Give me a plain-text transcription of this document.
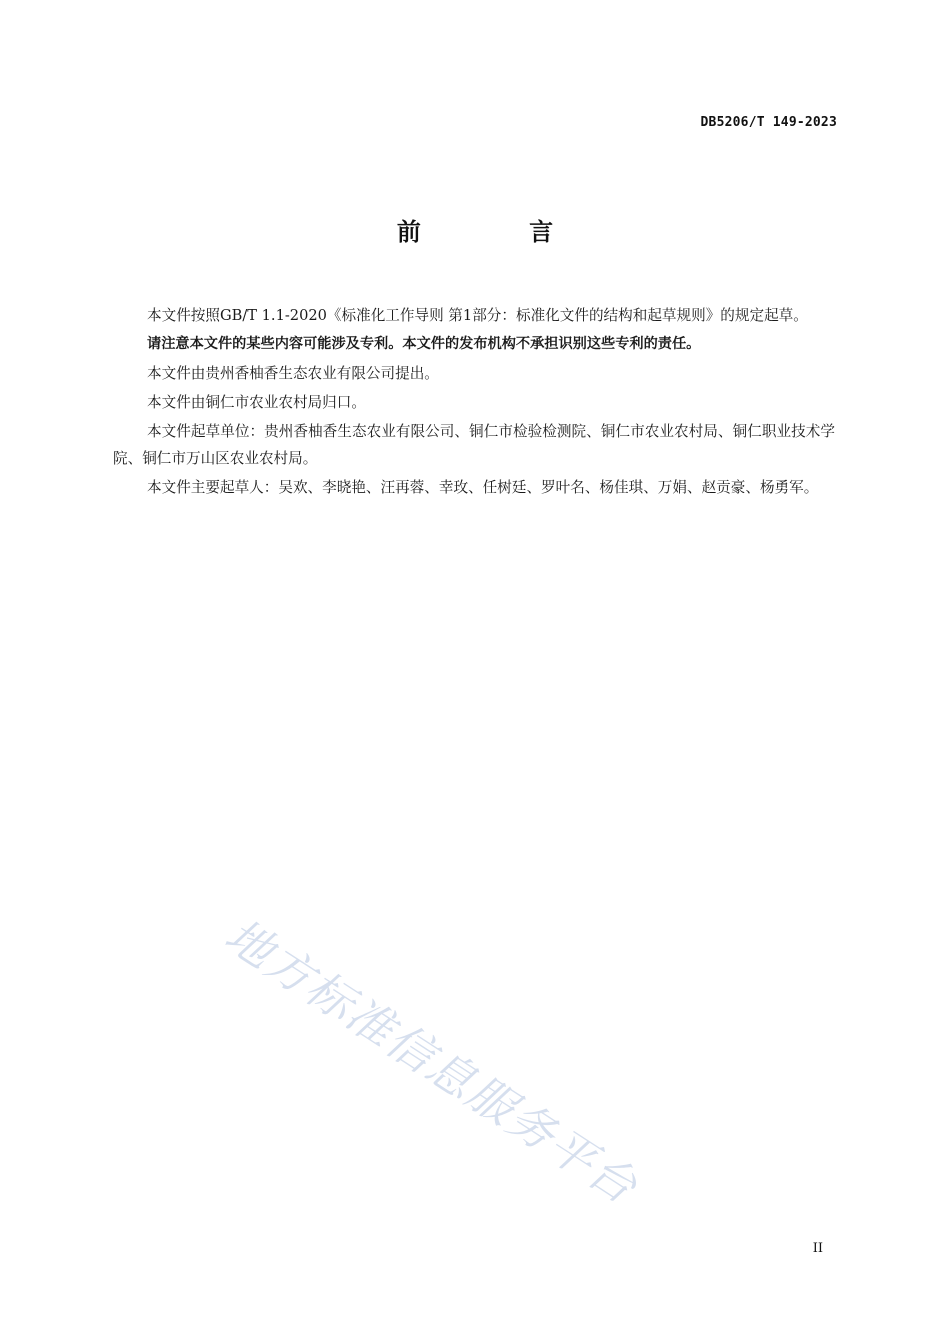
DB5206/T 149-2023
前 言

本文件按照GB/T 1.1-2020《标准化工作导则 第1部分：标准化文件的结构和起草规则》的规定起草。

请注意本文件的某些内容可能涉及专利。本文件的发布机构不承担识别这些专利的责任。

本文件由贵州香柚香生态农业有限公司提出。

本文件由铜仁市农业农村局归口。

本文件起草单位：贵州香柚香生态农业有限公司、铜仁市检验检测院、铜仁市农业农村局、铜仁职业技术学院、铜仁市万山区农业农村局。

本文件主要起草人：吴欢、李晓艳、汪再蓉、幸玫、任树廷、罗叶名、杨佳琪、万娟、赵贡豪、杨勇军。

地方标准信息服务平台
II
